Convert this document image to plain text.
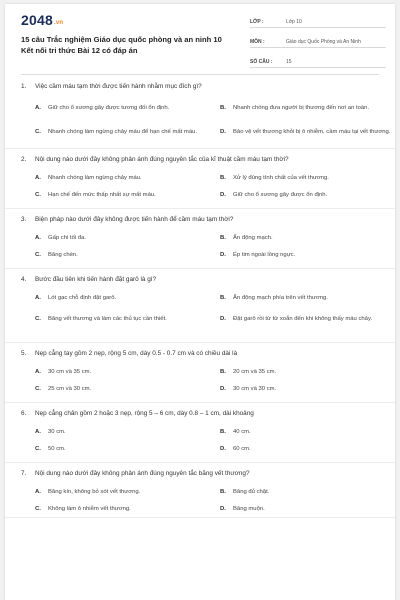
2048.vn
15 câu Trắc nghiệm Giáo dục quốc phòng và an ninh 10
Kết nối tri thức Bài 12 có đáp án
LỚP :	Lớp 10
MÔN :	Giáo dục Quốc Phòng và An Ninh
SỐ CÂU :	15
1.	Việc cầm máu tạm thời được tiến hành nhằm mục đích gì?
A.	Giữ cho ổ xương gãy được tương đối ổn định.	B.	Nhanh chóng đưa người bị thương đến nơi an toàn.
C.	Nhanh chóng làm ngừng chảy máu để hạn chế mất máu.	D.	Bảo vệ vết thương khỏi bị ô nhiễm, cầm máu tại vết thương.
2.	Nội dung nào dưới đây không phản ánh đúng nguyên tắc của kĩ thuật cầm máu tạm thời?
A.	Nhanh chóng làm ngừng chảy máu.	B.	Xử lý đúng tính chất của vết thương.
C.	Hạn chế đến mức thấp nhất sự mất máu.	D.	Giữ cho ổ xương gãy được ổn định.
3.	Biện pháp nào dưới đây không được tiến hành để cầm máu tạm thời?
A.	Gấp chi tối đa.	B.	Ấn động mạch.
C.	Băng chèn.	D.	Ép tim ngoài lồng ngực.
4.	Bước đầu tiên khi tiến hành đặt garô là gì?
A.	Lót gạc chỗ định đặt garô.	B.	Ấn động mạch phía trên vết thương.
C.	Băng vết thương và làm các thủ tục cần thiết.	D.	Đặt garô rồi từ từ xoắn đến khi không thấy máu chảy.
5.	Nẹp cẳng tay gồm 2 nẹp, rộng 5 cm, dày 0.5 - 0.7 cm và có chiều dài là
A.	30 cm và 35 cm.	B.	20 cm và 35 cm.
C.	25 cm và 30 cm.	D.	30 cm và 30 cm.
6.	Nẹp cẳng chân gồm 2 hoặc 3 nẹp, rộng 5 – 6 cm, dày 0.8 – 1 cm, dài khoảng
A.	30 cm.	B.	40 cm.
C.	50 cm.	D.	60 cm.
7.	Nội dung nào dưới đây không phản ánh đúng nguyên tắc băng vết thương?
A.	Băng kín, không bỏ sót vết thương.	B.	Băng đủ chặt.
C.	Không làm ô nhiễm vết thương.	D.	Băng muộn.
